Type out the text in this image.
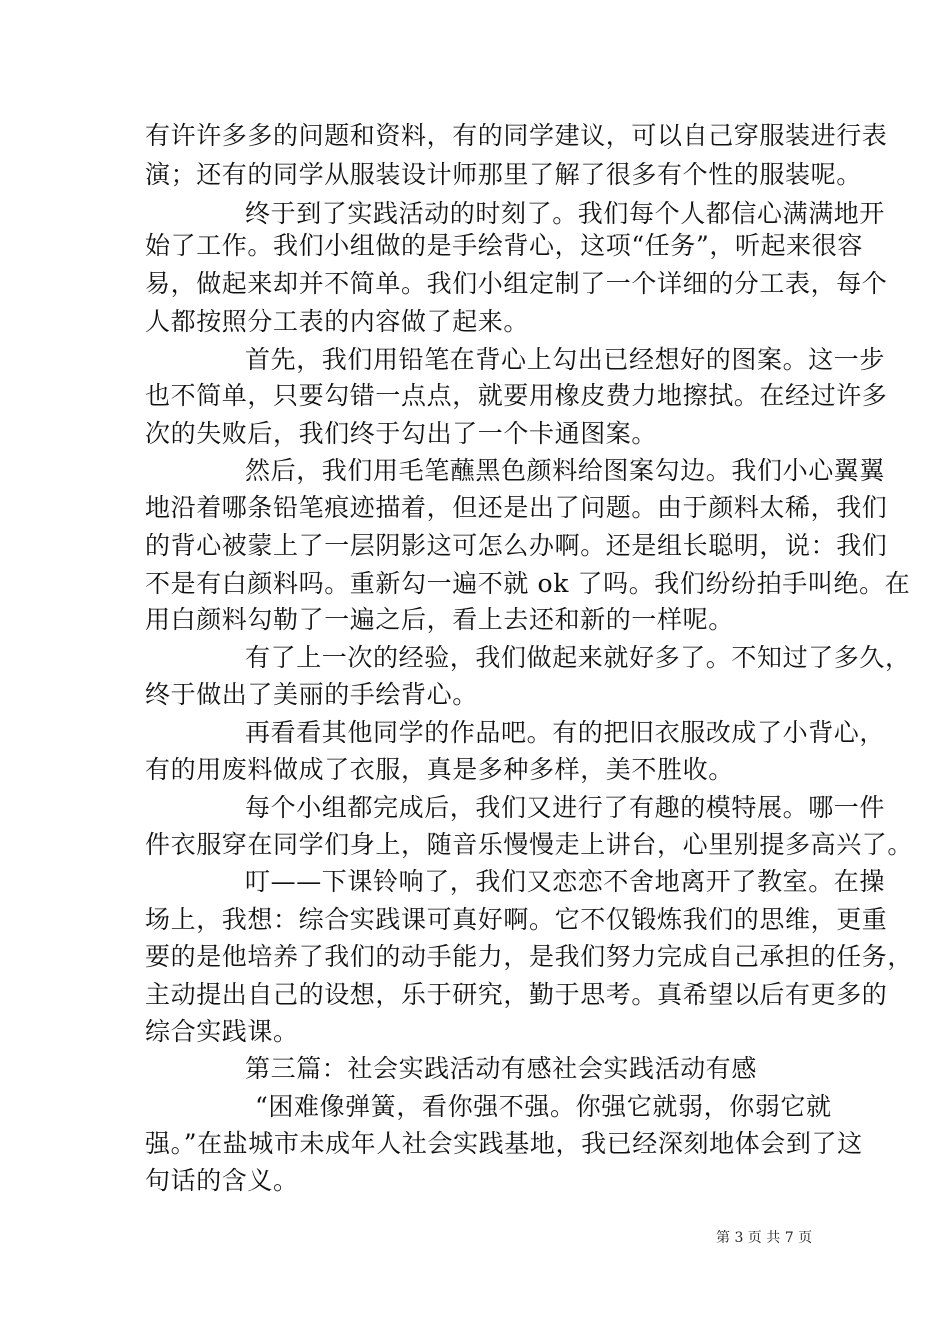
有许许多多的问题和资料，有的同学建议，可以自己穿服装进行表
演；还有的同学从服装设计师那里了解了很多有个性的服装呢。
终于到了实践活动的时刻了。我们每个人都信心满满地开
始了工作。我们小组做的是手绘背心，这项“任务”，听起来很容
易，做起来却并不简单。我们小组定制了一个详细的分工表，每个
人都按照分工表的内容做了起来。
首先，我们用铅笔在背心上勾出已经想好的图案。这一步
也不简单，只要勾错一点点，就要用橡皮费力地擦拭。在经过许多
次的失败后，我们终于勾出了一个卡通图案。
然后，我们用毛笔蘸黑色颜料给图案勾边。我们小心翼翼
地沿着哪条铅笔痕迹描着，但还是出了问题。由于颜料太稀，我们
的背心被蒙上了一层阴影这可怎么办啊。还是组长聪明，说：我们
不是有白颜料吗。重新勾一遍不就 ok 了吗。我们纷纷拍手叫绝。在
用白颜料勾勒了一遍之后，看上去还和新的一样呢。
有了上一次的经验，我们做起来就好多了。不知过了多久，
终于做出了美丽的手绘背心。
再看看其他同学的作品吧。有的把旧衣服改成了小背心，
有的用废料做成了衣服，真是多种多样，美不胜收。
每个小组都完成后，我们又进行了有趣的模特展。哪一件
件衣服穿在同学们身上，随音乐慢慢走上讲台，心里别提多高兴了。
叮——下课铃响了，我们又恋恋不舍地离开了教室。在操
场上，我想：综合实践课可真好啊。它不仅锻炼我们的思维，更重
要的是他培养了我们的动手能力，是我们努力完成自己承担的任务，
主动提出自己的设想，乐于研究，勤于思考。真希望以后有更多的
综合实践课。
第三篇：社会实践活动有感社会实践活动有感
“困难像弹簧，看你强不强。你强它就弱，你弱它就
强。”在盐城市未成年人社会实践基地，我已经深刻地体会到了这
句话的含义。
第 3 页 共 7 页
